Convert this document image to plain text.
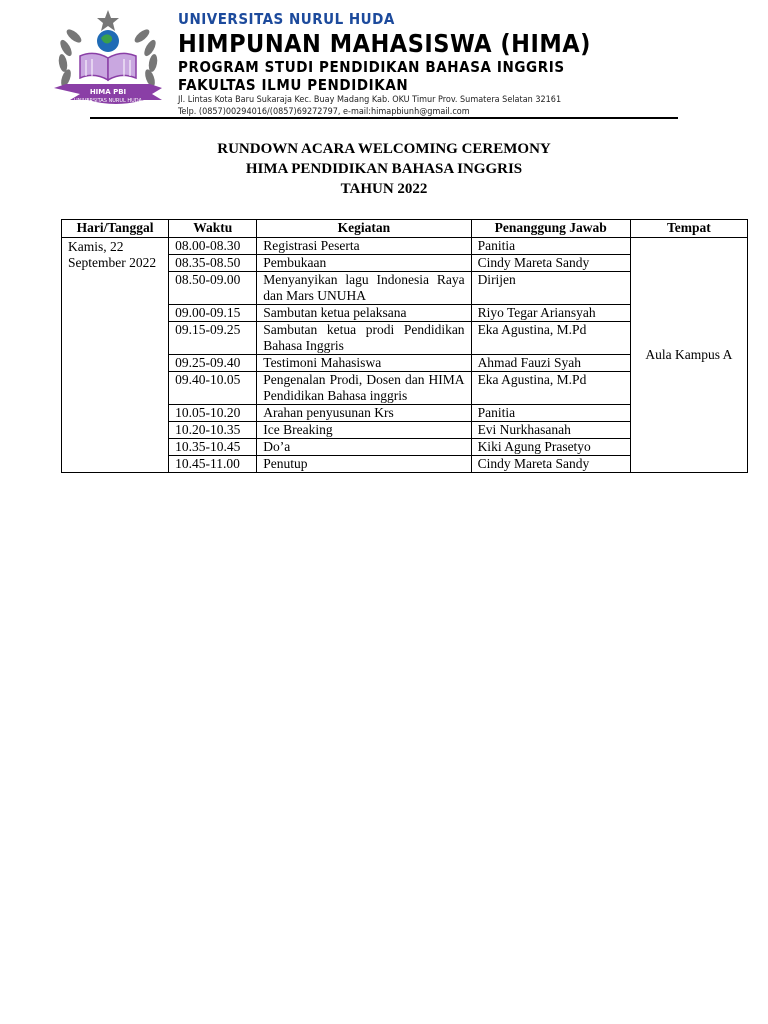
HIMA PBI
UNIVERSITAS NURUL HUDA
UNIVERSITAS NURUL HUDA
HIMPUNAN MAHASISWA (HIMA)
PROGRAM STUDI PENDIDIKAN BAHASA INGGRIS
FAKULTAS ILMU PENDIDIKAN
Jl. Lintas Kota Baru Sukaraja Kec. Buay Madang Kab. OKU Timur Prov. Sumatera Selatan 32161
Telp. (0857)00294016/(0857)69272797, e-mail:himapbiunh@gmail.com
RUNDOWN ACARA WELCOMING CEREMONY
HIMA PENDIDIKAN BAHASA INGGRIS
TAHUN 2022
Hari/Tanggal	Waktu	Kegiatan	Penanggung Jawab	Tempat
Kamis, 22 September 2022	08.00-08.30	Registrasi Peserta	Panitia	Aula Kampus A
	08.35-08.50	Pembukaan	Cindy Mareta Sandy	
	08.50-09.00	Menyanyikan lagu Indonesia Raya dan Mars UNUHA	Dirijen	
	09.00-09.15	Sambutan ketua pelaksana	Riyo Tegar Ariansyah	
	09.15-09.25	Sambutan ketua prodi Pendidikan Bahasa Inggris	Eka Agustina, M.Pd	
	09.25-09.40	Testimoni Mahasiswa	Ahmad Fauzi Syah	
	09.40-10.05	Pengenalan Prodi, Dosen dan HIMA Pendidikan Bahasa inggris	Eka Agustina, M.Pd	
	10.05-10.20	Arahan penyusunan Krs	Panitia	
	10.20-10.35	Ice Breaking	Evi Nurkhasanah	
	10.35-10.45	Do’a	Kiki Agung Prasetyo	
	10.45-11.00	Penutup	Cindy Mareta Sandy	
